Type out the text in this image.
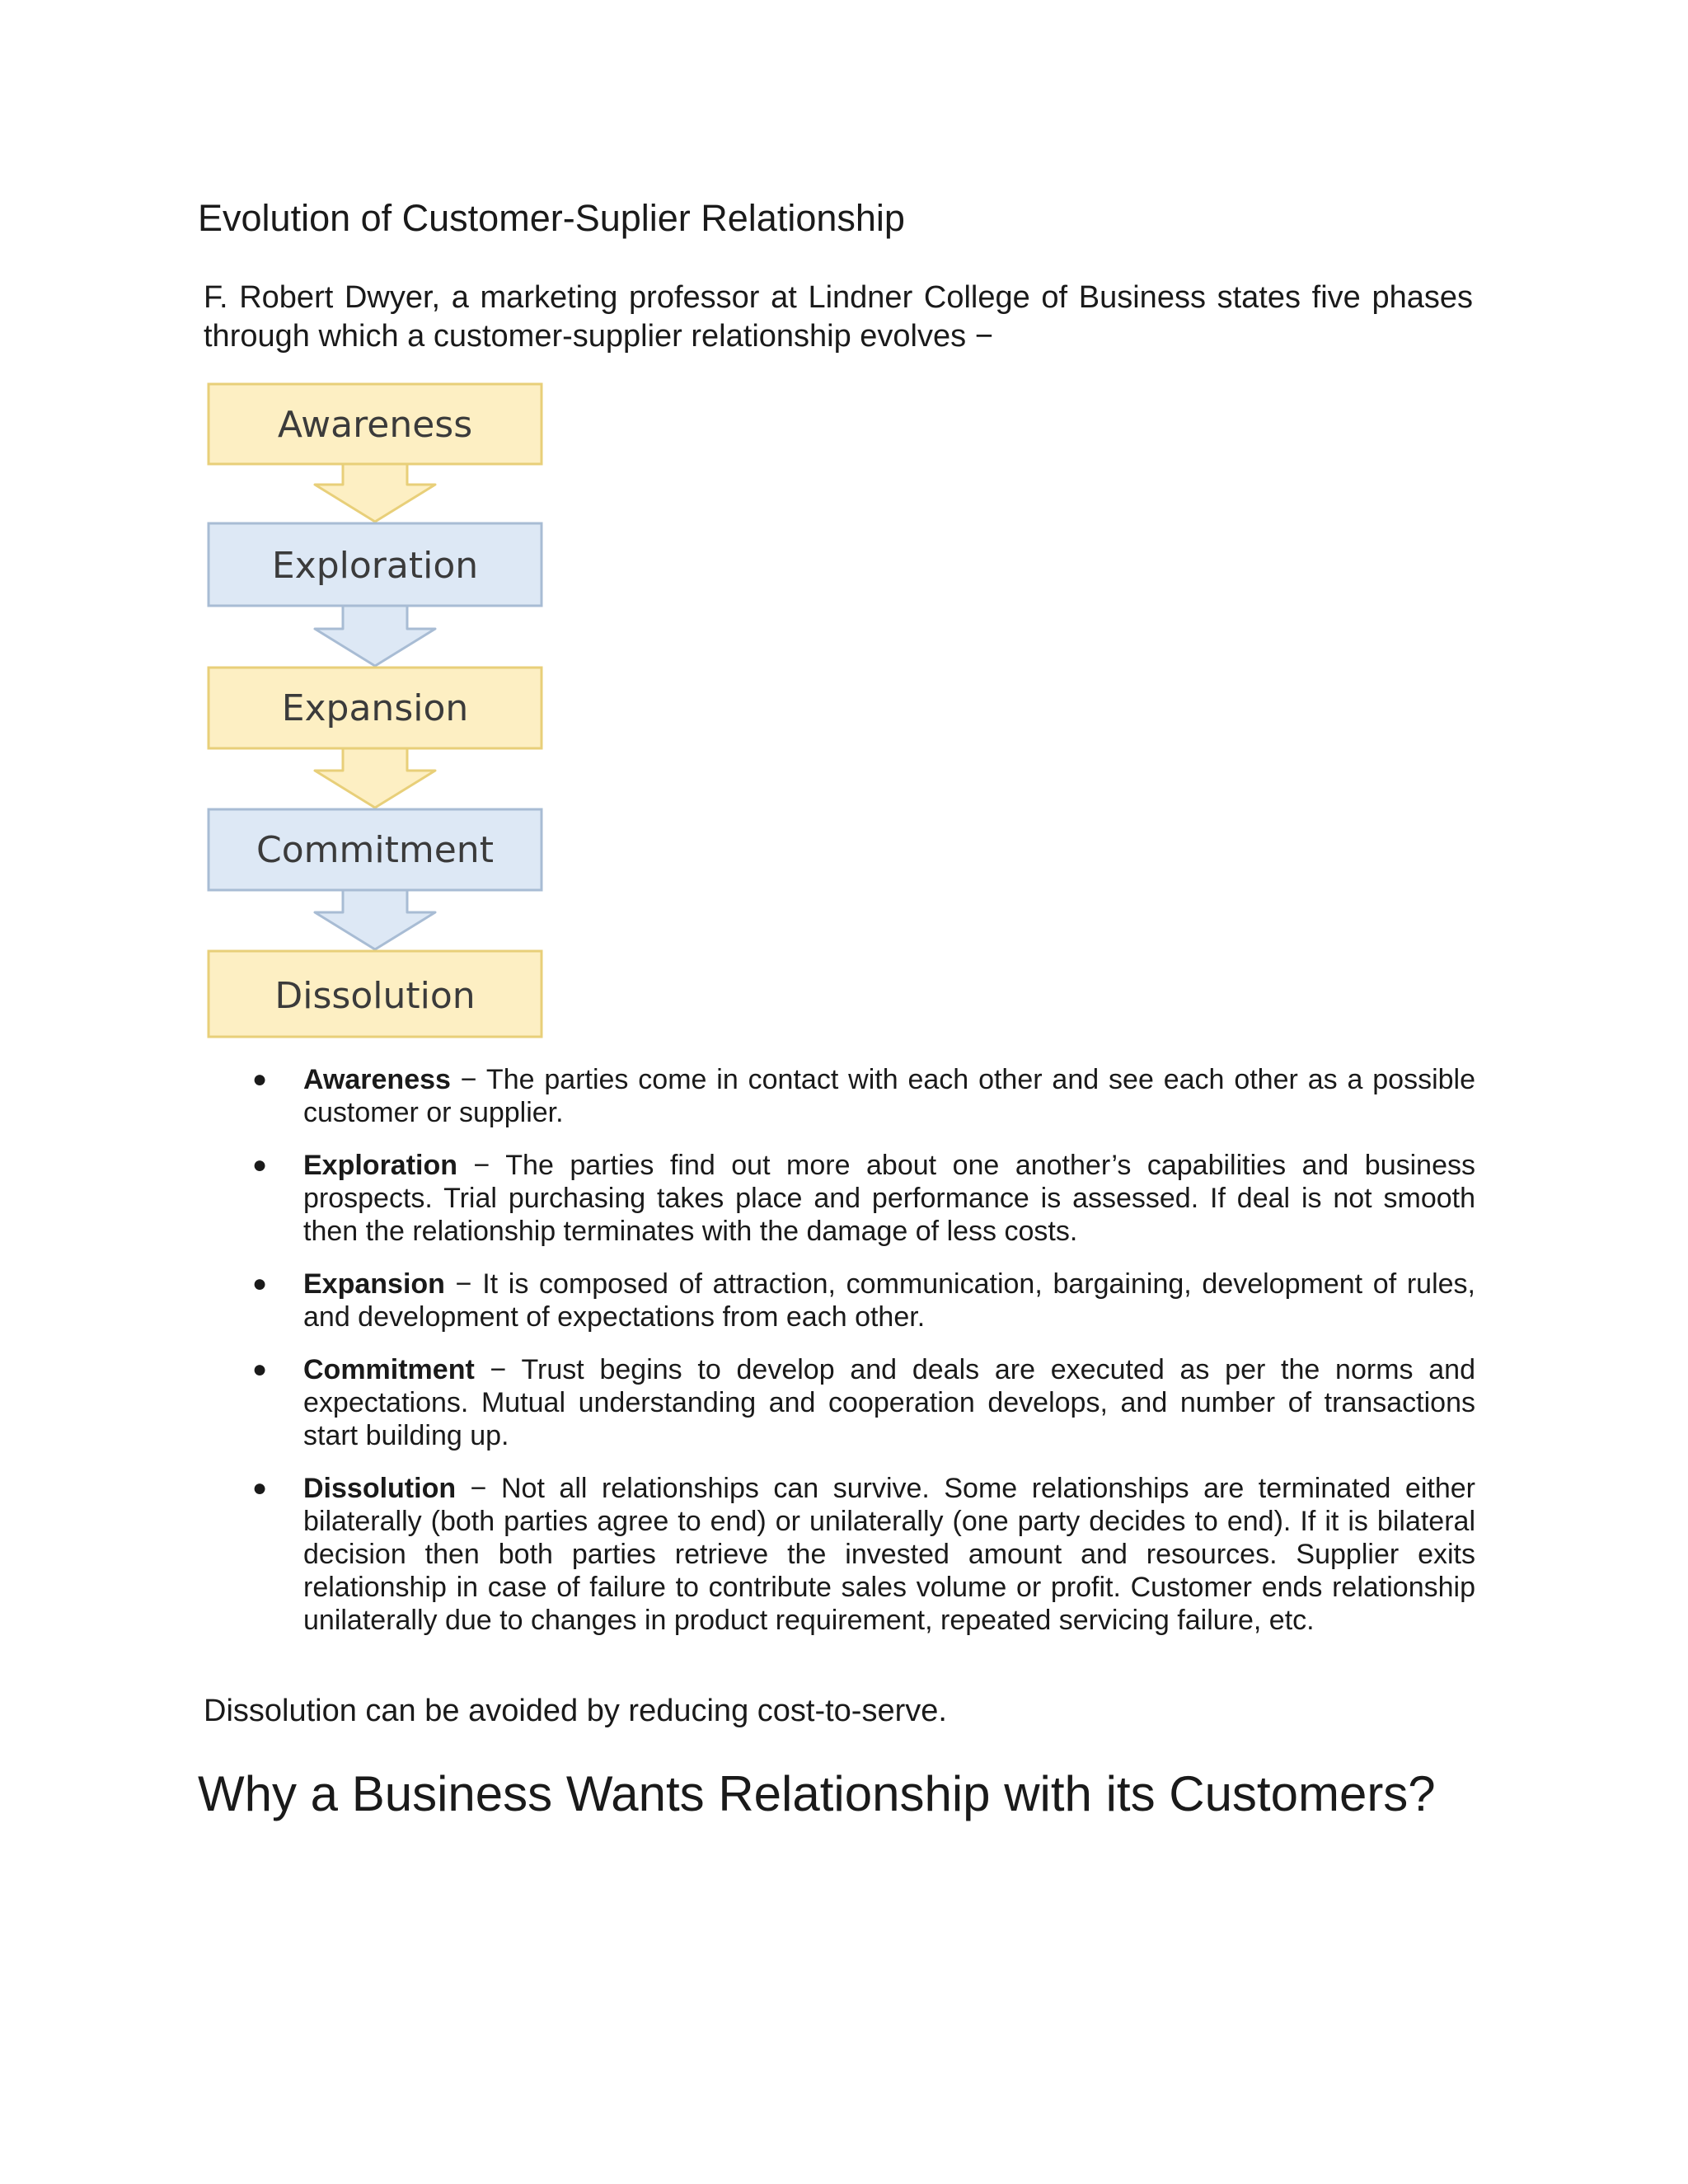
Evolution of Customer-Suplier Relationship

F. Robert Dwyer, a marketing professor at Lindner College of Business states five phases through which a customer-supplier relationship evolves −

Awareness
Exploration
Expansion
Commitment
Dissolution
● Awareness − The parties come in contact with each other and see each other as a possible customer or supplier.
● Exploration − The parties find out more about one another’s capabilities and business prospects. Trial purchasing takes place and performance is assessed. If deal is not smooth then the relationship terminates with the damage of less costs.
● Expansion − It is composed of attraction, communication, bargaining, development of rules, and development of expectations from each other.
● Commitment − Trust begins to develop and deals are executed as per the norms and expectations. Mutual understanding and cooperation develops, and number of transactions start building up.
● Dissolution − Not all relationships can survive. Some relationships are terminated either bilaterally (both parties agree to end) or unilaterally (one party decides to end). If it is bilateral decision then both parties retrieve the invested amount and resources. Supplier exits relationship in case of failure to contribute sales volume or profit. Customer ends relationship unilaterally due to changes in product requirement, repeated servicing failure, etc.

Dissolution can be avoided by reducing cost-to-serve.

Why a Business Wants Relationship with its Customers?
